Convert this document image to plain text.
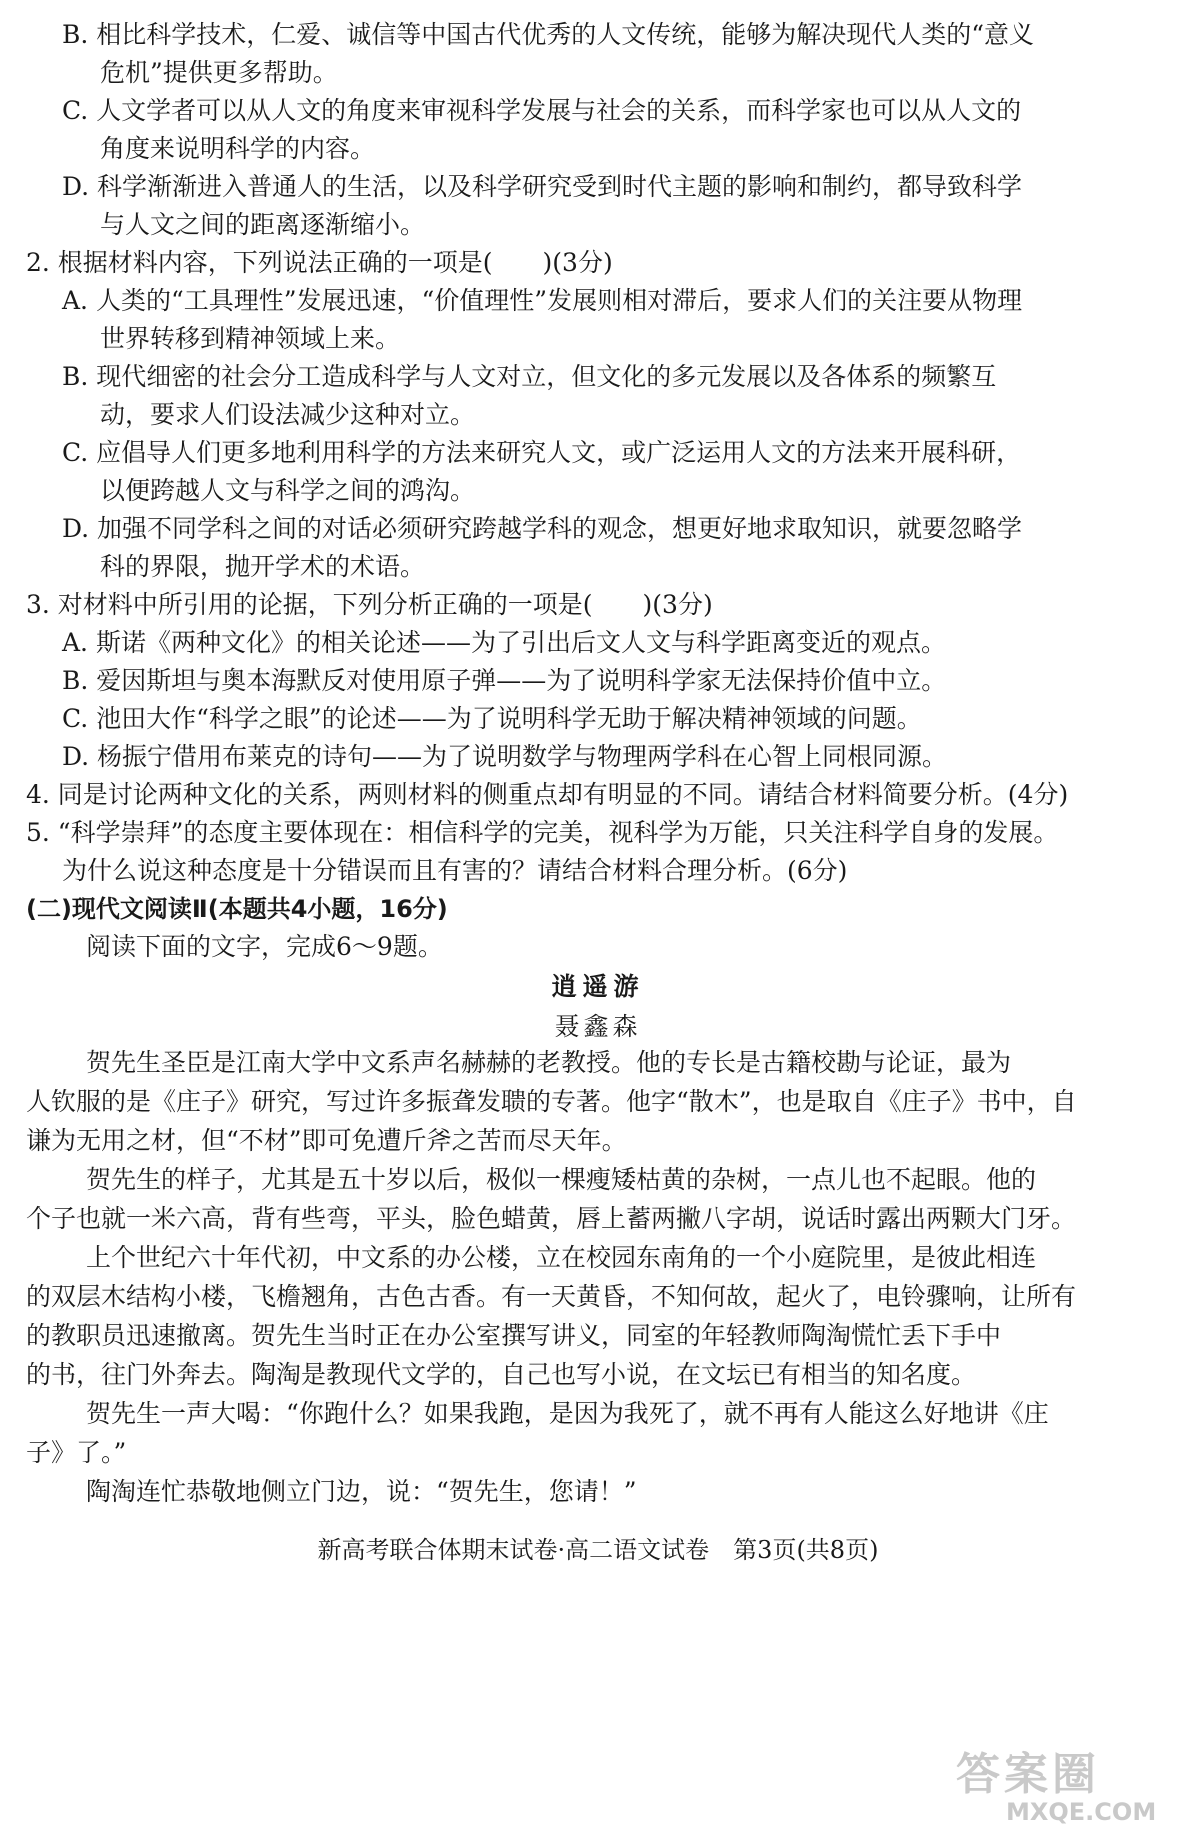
B. 相比科学技术，仁爱、诚信等中国古代优秀的人文传统，能够为解决现代人类的“意义
危机”提供更多帮助。
C. 人文学者可以从人文的角度来审视科学发展与社会的关系，而科学家也可以从人文的
角度来说明科学的内容。
D. 科学渐渐进入普通人的生活，以及科学研究受到时代主题的影响和制约，都导致科学
与人文之间的距离逐渐缩小。
2. 根据材料内容，下列说法正确的一项是(　　)(3分)
A. 人类的“工具理性”发展迅速，“价值理性”发展则相对滞后，要求人们的关注要从物理
世界转移到精神领域上来。
B. 现代细密的社会分工造成科学与人文对立，但文化的多元发展以及各体系的频繁互
动，要求人们设法减少这种对立。
C. 应倡导人们更多地利用科学的方法来研究人文，或广泛运用人文的方法来开展科研，
以便跨越人文与科学之间的鸿沟。
D. 加强不同学科之间的对话必须研究跨越学科的观念，想更好地求取知识，就要忽略学
科的界限，抛开学术的术语。
3. 对材料中所引用的论据，下列分析正确的一项是(　　)(3分)
A. 斯诺《两种文化》的相关论述——为了引出后文人文与科学距离变近的观点。
B. 爱因斯坦与奥本海默反对使用原子弹——为了说明科学家无法保持价值中立。
C. 池田大作“科学之眼”的论述——为了说明科学无助于解决精神领域的问题。
D. 杨振宁借用布莱克的诗句——为了说明数学与物理两学科在心智上同根同源。
4. 同是讨论两种文化的关系，两则材料的侧重点却有明显的不同。请结合材料简要分析。(4分)
5. “科学崇拜”的态度主要体现在：相信科学的完美，视科学为万能，只关注科学自身的发展。
为什么说这种态度是十分错误而且有害的？请结合材料合理分析。(6分)
(二)现代文阅读Ⅱ(本题共4小题，16分)
阅读下面的文字，完成6～9题。
逍遥游
聂鑫森
贺先生圣臣是江南大学中文系声名赫赫的老教授。他的专长是古籍校勘与论证，最为
人钦服的是《庄子》研究，写过许多振聋发聩的专著。他字“散木”，也是取自《庄子》书中，自
谦为无用之材，但“不材”即可免遭斤斧之苦而尽天年。
贺先生的样子，尤其是五十岁以后，极似一棵瘦矮枯黄的杂树，一点儿也不起眼。他的
个子也就一米六高，背有些弯，平头，脸色蜡黄，唇上蓄两撇八字胡，说话时露出两颗大门牙。
上个世纪六十年代初，中文系的办公楼，立在校园东南角的一个小庭院里，是彼此相连
的双层木结构小楼，飞檐翘角，古色古香。有一天黄昏，不知何故，起火了，电铃骤响，让所有
的教职员迅速撤离。贺先生当时正在办公室撰写讲义，同室的年轻教师陶淘慌忙丢下手中
的书，往门外奔去。陶淘是教现代文学的，自己也写小说，在文坛已有相当的知名度。
贺先生一声大喝：“你跑什么？如果我跑，是因为我死了，就不再有人能这么好地讲《庄
子》了。”
陶淘连忙恭敬地侧立门边，说：“贺先生，您请！”
新高考联合体期末试卷·高二语文试卷　第3页(共8页)
答案圈
MXQE.COM
